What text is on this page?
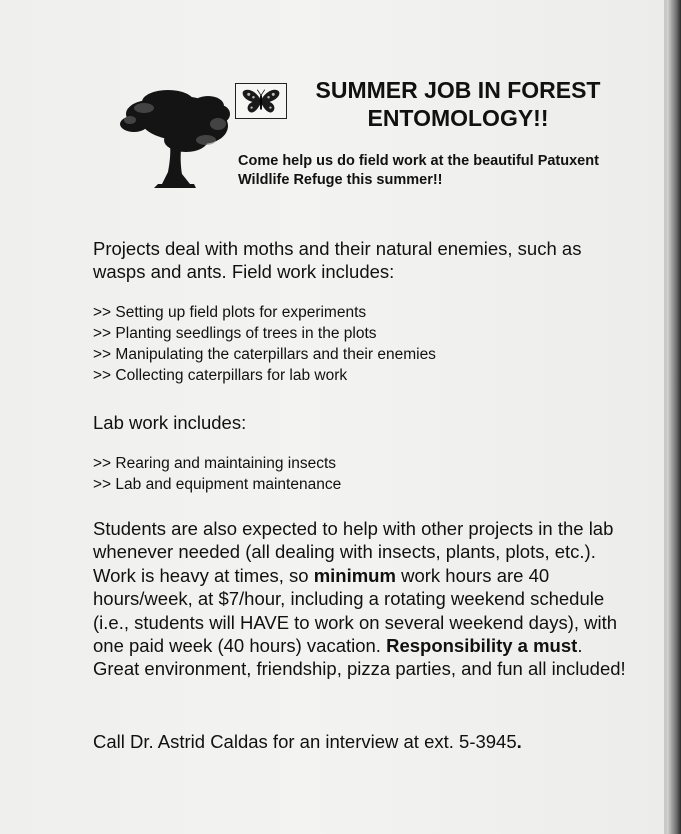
SUMMER JOB IN FOREST ENTOMOLOGY!!

Come help us do field work at the beautiful Patuxent Wildlife Refuge this summer!!

Projects deal with moths and their natural enemies, such as wasps and ants. Field work includes:

>> Setting up field plots for experiments
>> Planting seedlings of trees in the plots
>> Manipulating the caterpillars and their enemies
>> Collecting caterpillars for lab work

Lab work includes:

>> Rearing and maintaining insects
>> Lab and equipment maintenance

Students are also expected to help with other projects in the lab whenever needed (all dealing with insects, plants, plots, etc.). Work is heavy at times, so minimum work hours are 40 hours/week, at $7/hour, including a rotating weekend schedule (i.e., students will HAVE to work on several weekend days), with one paid week (40 hours) vacation. Responsibility a must. Great environment, friendship, pizza parties, and fun all included!

Call Dr. Astrid Caldas for an interview at ext. 5-3945.
